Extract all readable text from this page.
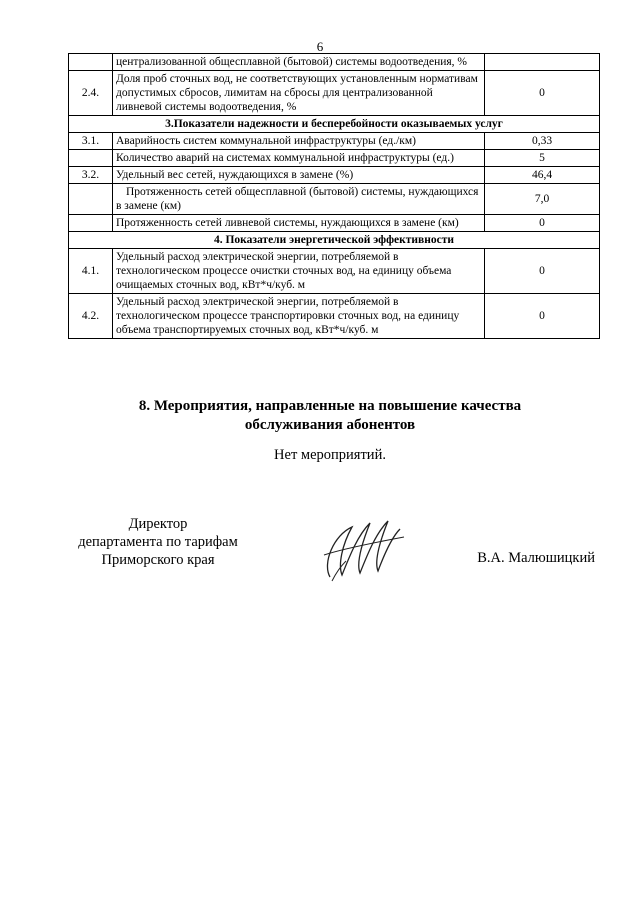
6
	централизованной общесплавной (бытовой) системы водоотведения, %	
2.4.	Доля проб сточных вод, не соответствующих установленным нормативам допустимых сбросов, лимитам на сбросы для централизованной ливневой системы водоотведения, %	0
3.Показатели надежности и бесперебойности оказываемых услуг		
3.1.	Аварийность систем коммунальной инфраструктуры (ед./км)	0,33
	Количество аварий на системах коммунальной инфраструктуры (ед.)	5
3.2.	Удельный вес сетей, нуждающихся в замене (%)	46,4
	Протяженность сетей общесплавной (бытовой) системы, нуждающихся в замене (км)	7,0
	Протяженность сетей ливневой системы, нуждающихся в замене (км)	0
4. Показатели энергетической эффективности		
4.1.	Удельный расход электрической энергии, потребляемой в технологическом процессе очистки сточных вод, на единицу объема очищаемых сточных вод, кВт*ч/куб. м	0
4.2.	Удельный расход электрической энергии, потребляемой в технологическом процессе транспортировки сточных вод, на единицу объема транспортируемых сточных вод, кВт*ч/куб. м	0
8. Мероприятия, направленные на повышение качества обслуживания абонентов
Нет мероприятий.
Директор
департамента по тарифам
Приморского края	В.А. Малюшицкий
